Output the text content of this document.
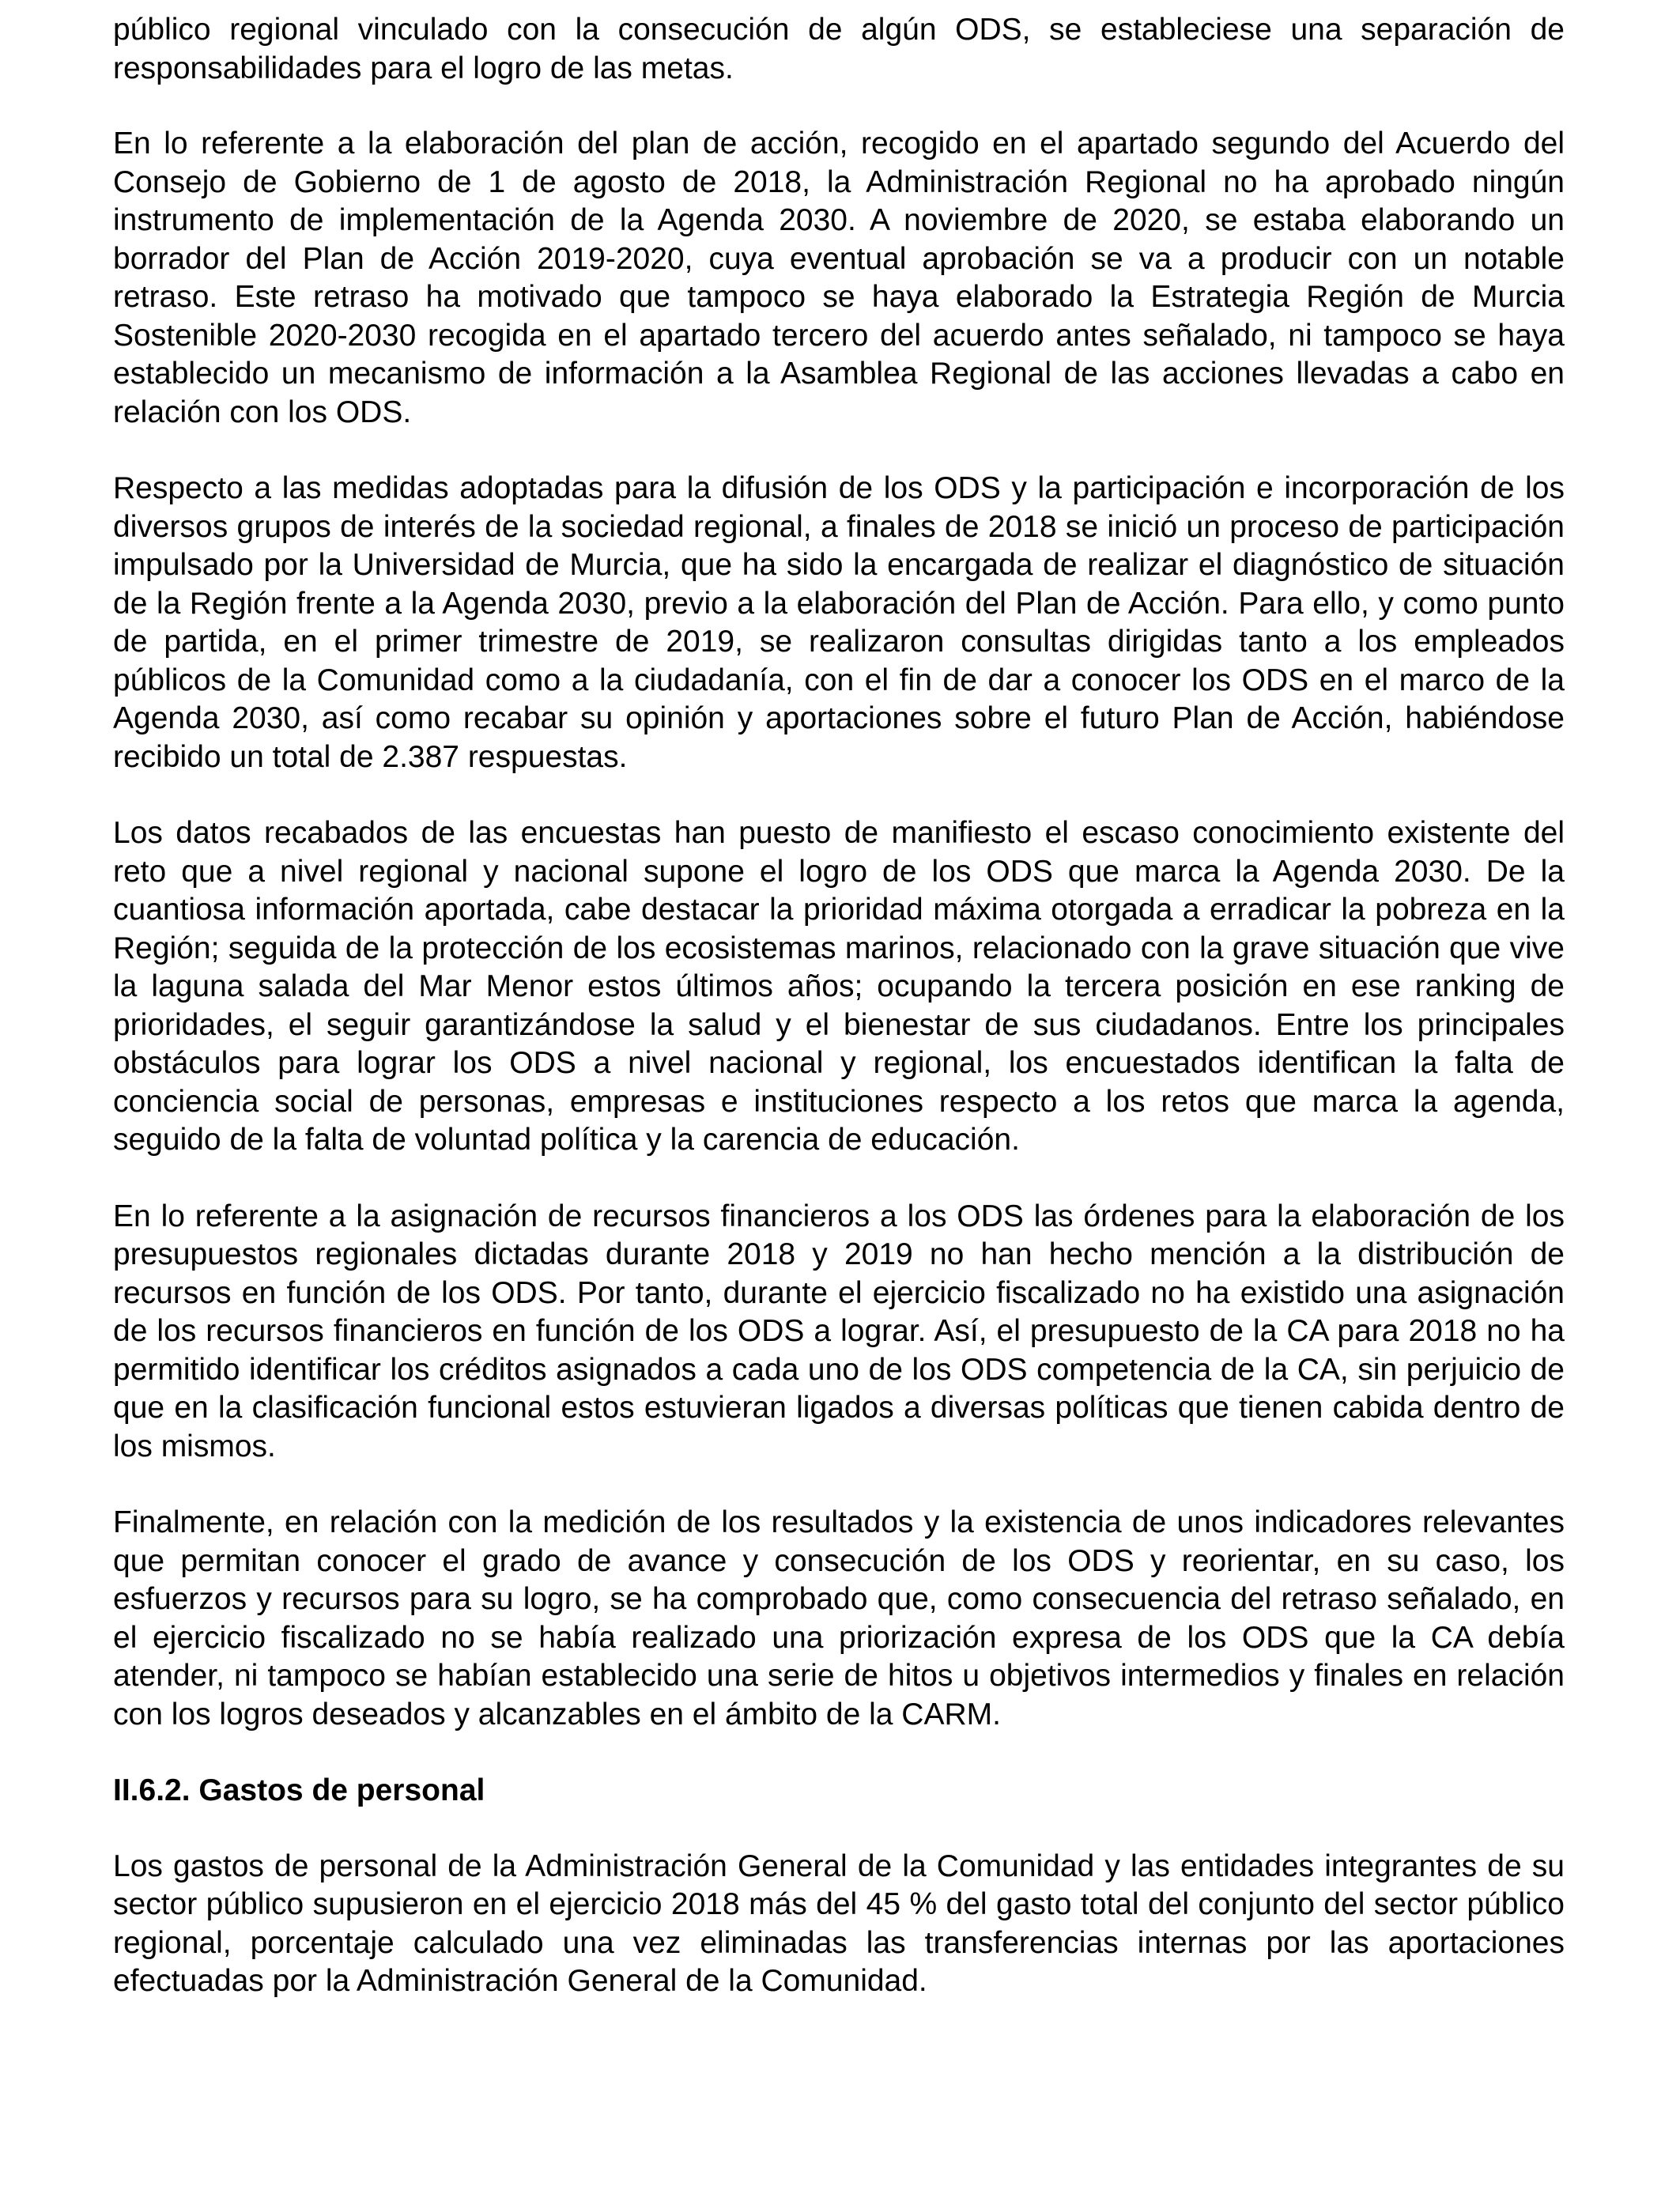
público regional vinculado con la consecución de algún ODS, se estableciese una separación de responsabilidades para el logro de las metas.

En lo referente a la elaboración del plan de acción, recogido en el apartado segundo del Acuerdo del Consejo de Gobierno de 1 de agosto de 2018, la Administración Regional no ha aprobado ningún instrumento de implementación de la Agenda 2030. A noviembre de 2020, se estaba elaborando un borrador del Plan de Acción 2019-2020, cuya eventual aprobación se va a producir con un notable retraso. Este retraso ha motivado que tampoco se haya elaborado la Estrategia Región de Murcia Sostenible 2020-2030 recogida en el apartado tercero del acuerdo antes señalado, ni tampoco se haya establecido un mecanismo de información a la Asamblea Regional de las acciones llevadas a cabo en relación con los ODS.

Respecto a las medidas adoptadas para la difusión de los ODS y la participación e incorporación de los diversos grupos de interés de la sociedad regional, a finales de 2018 se inició un proceso de participación impulsado por la Universidad de Murcia, que ha sido la encargada de realizar el diagnóstico de situación de la Región frente a la Agenda 2030, previo a la elaboración del Plan de Acción. Para ello, y como punto de partida, en el primer trimestre de 2019, se realizaron consultas dirigidas tanto a los empleados públicos de la Comunidad como a la ciudadanía, con el fin de dar a conocer los ODS en el marco de la Agenda 2030, así como recabar su opinión y aportaciones sobre el futuro Plan de Acción, habiéndose recibido un total de 2.387 respuestas.

Los datos recabados de las encuestas han puesto de manifiesto el escaso conocimiento existente del reto que a nivel regional y nacional supone el logro de los ODS que marca la Agenda 2030. De la cuantiosa información aportada, cabe destacar la prioridad máxima otorgada a erradicar la pobreza en la Región; seguida de la protección de los ecosistemas marinos, relacionado con la grave situación que vive la laguna salada del Mar Menor estos últimos años; ocupando la tercera posición en ese ranking de prioridades, el seguir garantizándose la salud y el bienestar de sus ciudadanos. Entre los principales obstáculos para lograr los ODS a nivel nacional y regional, los encuestados identifican la falta de conciencia social de personas, empresas e instituciones respecto a los retos que marca la agenda, seguido de la falta de voluntad política y la carencia de educación.

En lo referente a la asignación de recursos financieros a los ODS las órdenes para la elaboración de los presupuestos regionales dictadas durante 2018 y 2019 no han hecho mención a la distribución de recursos en función de los ODS. Por tanto, durante el ejercicio fiscalizado no ha existido una asignación de los recursos financieros en función de los ODS a lograr. Así, el presupuesto de la CA para 2018 no ha permitido identificar los créditos asignados a cada uno de los ODS competencia de la CA, sin perjuicio de que en la clasificación funcional estos estuvieran ligados a diversas políticas que tienen cabida dentro de los mismos.

Finalmente, en relación con la medición de los resultados y la existencia de unos indicadores relevantes que permitan conocer el grado de avance y consecución de los ODS y reorientar, en su caso, los esfuerzos y recursos para su logro, se ha comprobado que, como consecuencia del retraso señalado, en el ejercicio fiscalizado no se había realizado una priorización expresa de los ODS que la CA debía atender, ni tampoco se habían establecido una serie de hitos u objetivos intermedios y finales en relación con los logros deseados y alcanzables en el ámbito de la CARM.

II.6.2. Gastos de personal

Los gastos de personal de la Administración General de la Comunidad y las entidades integrantes de su sector público supusieron en el ejercicio 2018 más del 45 % del gasto total del conjunto del sector público regional, porcentaje calculado una vez eliminadas las transferencias internas por las aportaciones efectuadas por la Administración General de la Comunidad.
